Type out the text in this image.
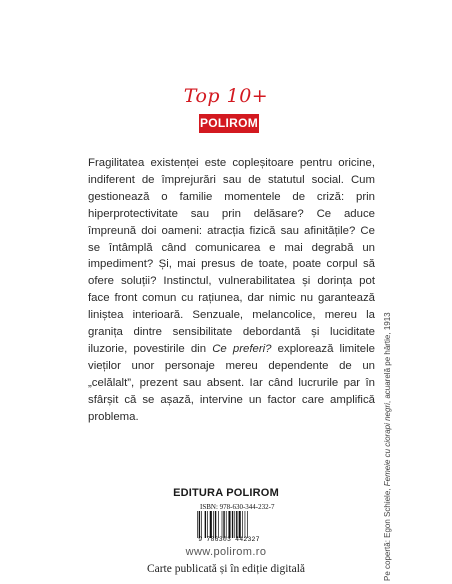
Top 10+
POLIROM

Fragilitatea existenței este copleșitoare pentru oricine, indiferent de împrejurări sau de statutul social. Cum gestionează o familie momentele de criză: prin hiperprotectivitate sau prin delăsare? Ce aduce împreună doi oameni: atracția fizică sau afinitățile? Ce se întâmplă când comunicarea e mai degrabă un impediment? Și, mai presus de toate, poate corpul să ofere soluții? Instinctul, vulnerabilitatea și dorința pot face front comun cu rațiunea, dar nimic nu garantează liniștea interioară. Senzuale, melancolice, mereu la granița dintre sensibilitate debordantă și luciditate iluzorie, povestirile din Ce preferi? explorează limitele vieților unor personaje mereu dependente de un „celălalt”, prezent sau absent. Iar când lucrurile par în sfârșit că se așază, intervine un factor care amplifică problema.

Pe copertă: Egon Schiele, Femeie cu ciorapi negri, acuarelă pe hârtie, 1913
EDITURA POLIROM
ISBN: 978-630-344-232-7
9 786303 442327
www.polirom.ro
Carte publicată și în ediție digitală
